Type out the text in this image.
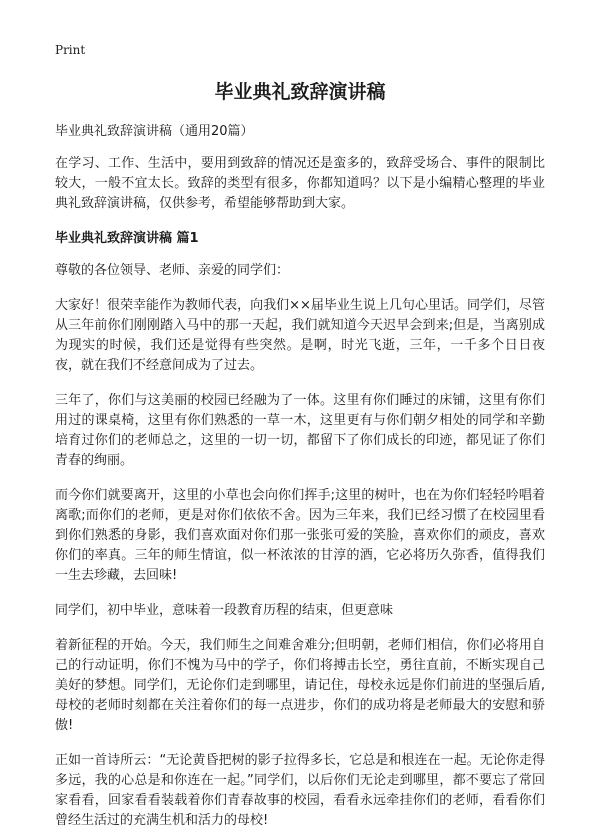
Print
毕业典礼致辞演讲稿
毕业典礼致辞演讲稿（通用20篇）

在学习、工作、生活中，要用到致辞的情况还是蛮多的，致辞受场合、事件的限制比较大，一般不宜太长。致辞的类型有很多，你都知道吗？以下是小编精心整理的毕业典礼致辞演讲稿，仅供参考，希望能够帮助到大家。

毕业典礼致辞演讲稿 篇1

尊敬的各位领导、老师、亲爱的同学们：

大家好！很荣幸能作为教师代表，向我们××届毕业生说上几句心里话。同学们，尽管从三年前你们刚刚踏入马中的那一天起，我们就知道今天迟早会到来;但是，当离别成为现实的时候，我们还是觉得有些突然。是啊，时光飞逝，三年，一千多个日日夜夜，就在我们不经意间成为了过去。

三年了，你们与这美丽的校园已经融为了一体。这里有你们睡过的床铺，这里有你们用过的课桌椅，这里有你们熟悉的一草一木，这里更有与你们朝夕相处的同学和辛勤培育过你们的老师总之，这里的一切一切，都留下了你们成长的印迹，都见证了你们青春的绚丽。

而今你们就要离开，这里的小草也会向你们挥手;这里的树叶，也在为你们轻轻吟唱着离歌;而你们的老师，更是对你们依依不舍。因为三年来，我们已经习惯了在校园里看到你们熟悉的身影，我们喜欢面对你们那一张张可爱的笑脸，喜欢你们的顽皮，喜欢你们的率真。三年的师生情谊，似一杯浓浓的甘淳的酒，它必将历久弥香，值得我们一生去珍藏，去回味!

同学们，初中毕业，意味着一段教育历程的结束，但更意味

着新征程的开始。今天，我们师生之间难舍难分;但明朝，老师们相信，你们必将用自己的行动证明，你们不愧为马中的学子，你们将搏击长空，勇往直前，不断实现自己美好的梦想。同学们，无论你们走到哪里，请记住，母校永远是你们前进的坚强后盾,母校的老师时刻都在关注着你们的每一点进步，你们的成功将是老师最大的安慰和骄傲!

正如一首诗所云：“无论黄昏把树的影子拉得多长，它总是和根连在一起。无论你走得多远，我的心总是和你连在一起。”同学们，以后你们无论走到哪里，都不要忘了常回家看看，回家看看装载着你们青春故事的校园，看看永远牵挂你们的老师，看看你们曾经生活过的充满生机和活力的母校!
